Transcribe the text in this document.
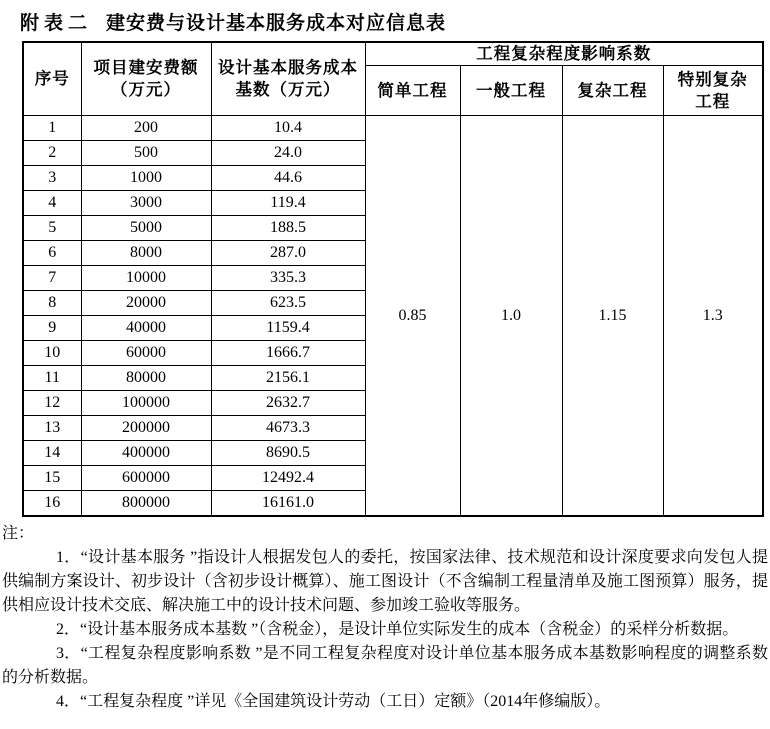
附表二 建安费与设计基本服务成本对应信息表
序号	项目建安费额（万元）	设计基本服务成本基数（万元）	工程复杂程度影响系数			
			简单工程	一般工程	复杂工程	特别复杂工程
1	200	10.4	0.85	1.0	1.15	1.3
2	500	24.0				
3	1000	44.6				
4	3000	119.4				
5	5000	188.5				
6	8000	287.0				
7	10000	335.3				
8	20000	623.5				
9	40000	1159.4				
10	60000	1666.7				
11	80000	2156.1				
12	100000	2632.7				
13	200000	4673.3				
14	400000	8690.5				
15	600000	12492.4				
16	800000	16161.0				

注：

1．“设计基本服务 ”指设计人根据发包人的委托，按国家法律、技术规范和设计深度要求向发包人提供编制方案设计、初步设计（含初步设计概算）、施工图设计（不含编制工程量清单及施工图预算）服务，提供相应设计技术交底、解决施工中的设计技术问题、参加竣工验收等服务。

2．“设计基本服务成本基数 ”（含税金），是设计单位实际发生的成本（含税金）的采样分析数据。

3．“工程复杂程度影响系数 ”是不同工程复杂程度对设计单位基本服务成本基数影响程度的调整系数的分析数据。

4．“工程复杂程度 ”详见《全国建筑设计劳动（工日）定额》（2014年修编版）。
